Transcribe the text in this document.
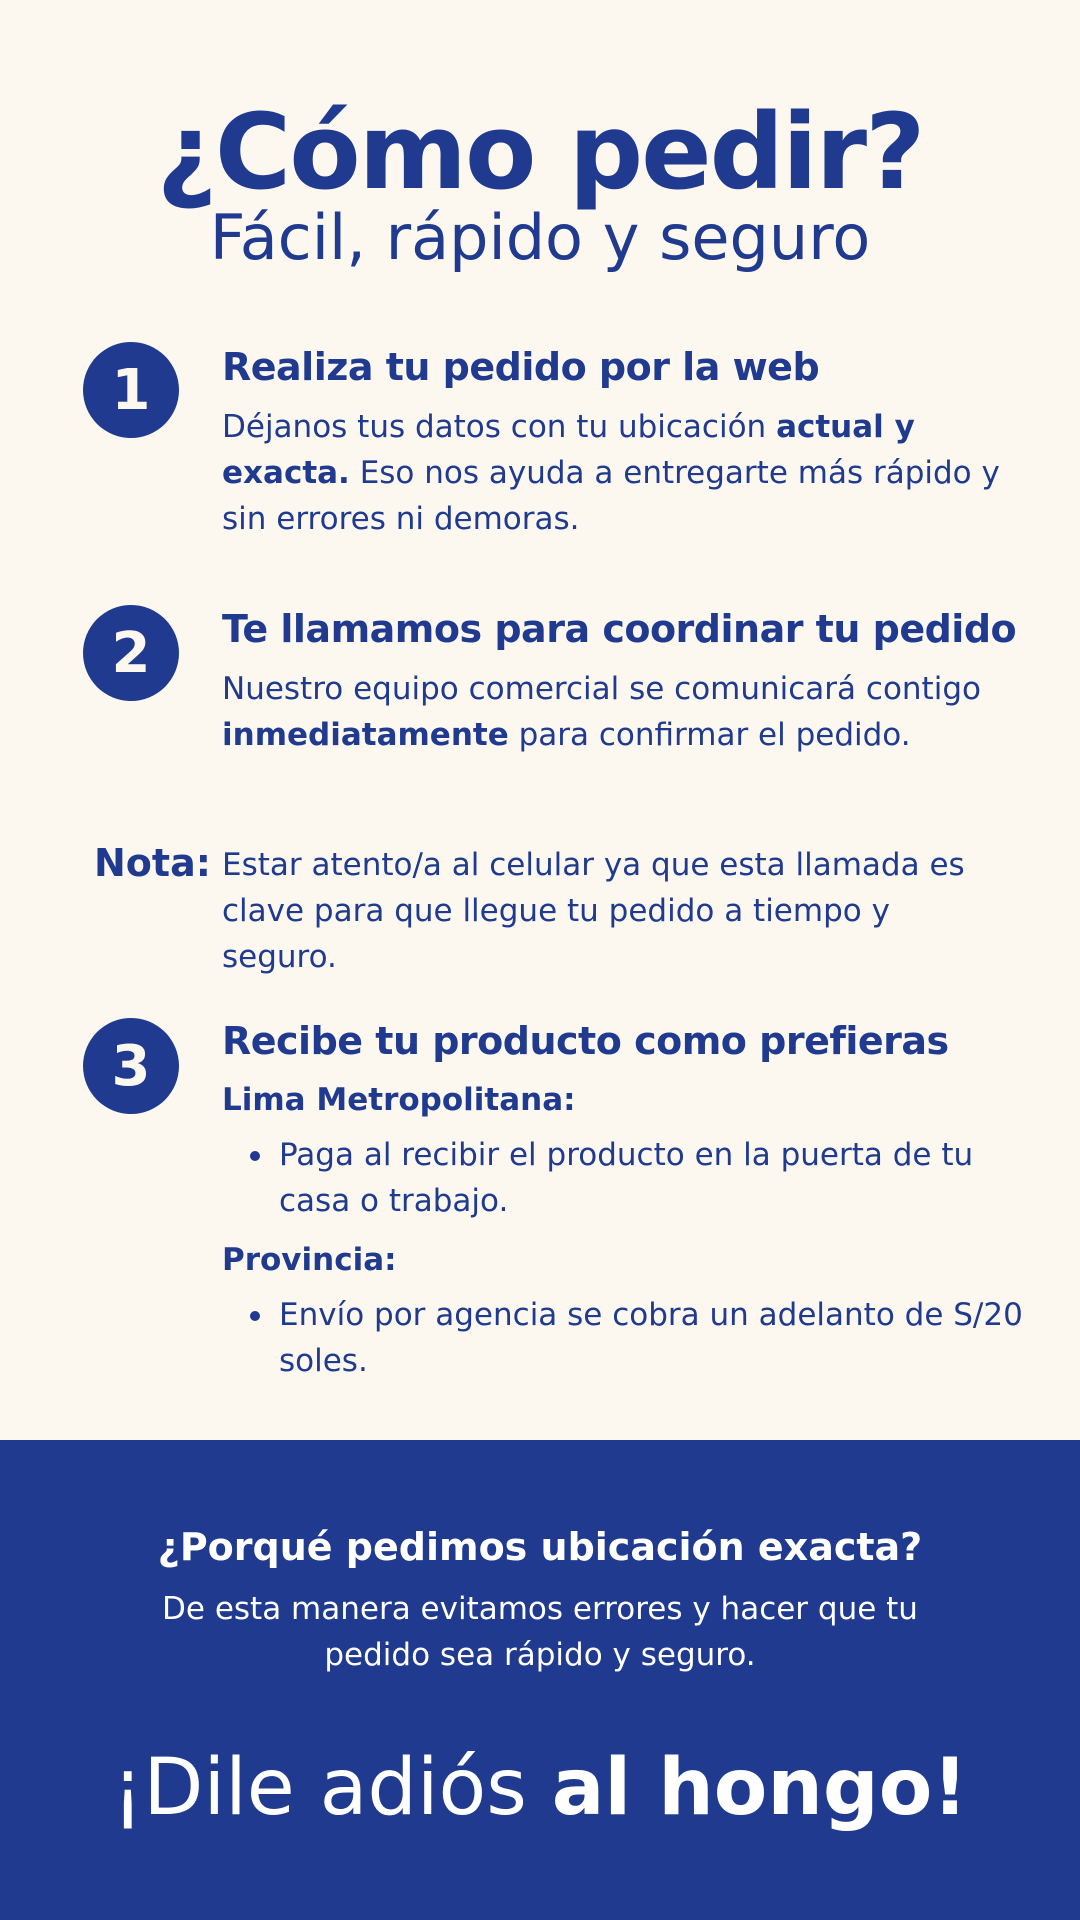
¿Cómo pedir?
Fácil, rápido y seguro
1	Realiza tu pedido por la web
Déjanos tus datos con tu ubicación actual y exacta. Eso nos ayuda a entregarte más rápido y sin errores ni demoras.
2	Te llamamos para coordinar tu pedido
Nuestro equipo comercial se comunicará contigo inmediatamente para confirmar el pedido.
Nota: Estar atento/a al celular ya que esta llamada es clave para que llegue tu pedido a tiempo y seguro.
3	Recibe tu producto como prefieras
Lima Metropolitana:
Paga al recibir el producto en la puerta de tu casa o trabajo.
Provincia:
Envío por agencia se cobra un adelanto de S/20 soles.
¿Porqué pedimos ubicación exacta?
De esta manera evitamos errores y hacer que tu pedido sea rápido y seguro.
¡Dile adiós al hongo!
